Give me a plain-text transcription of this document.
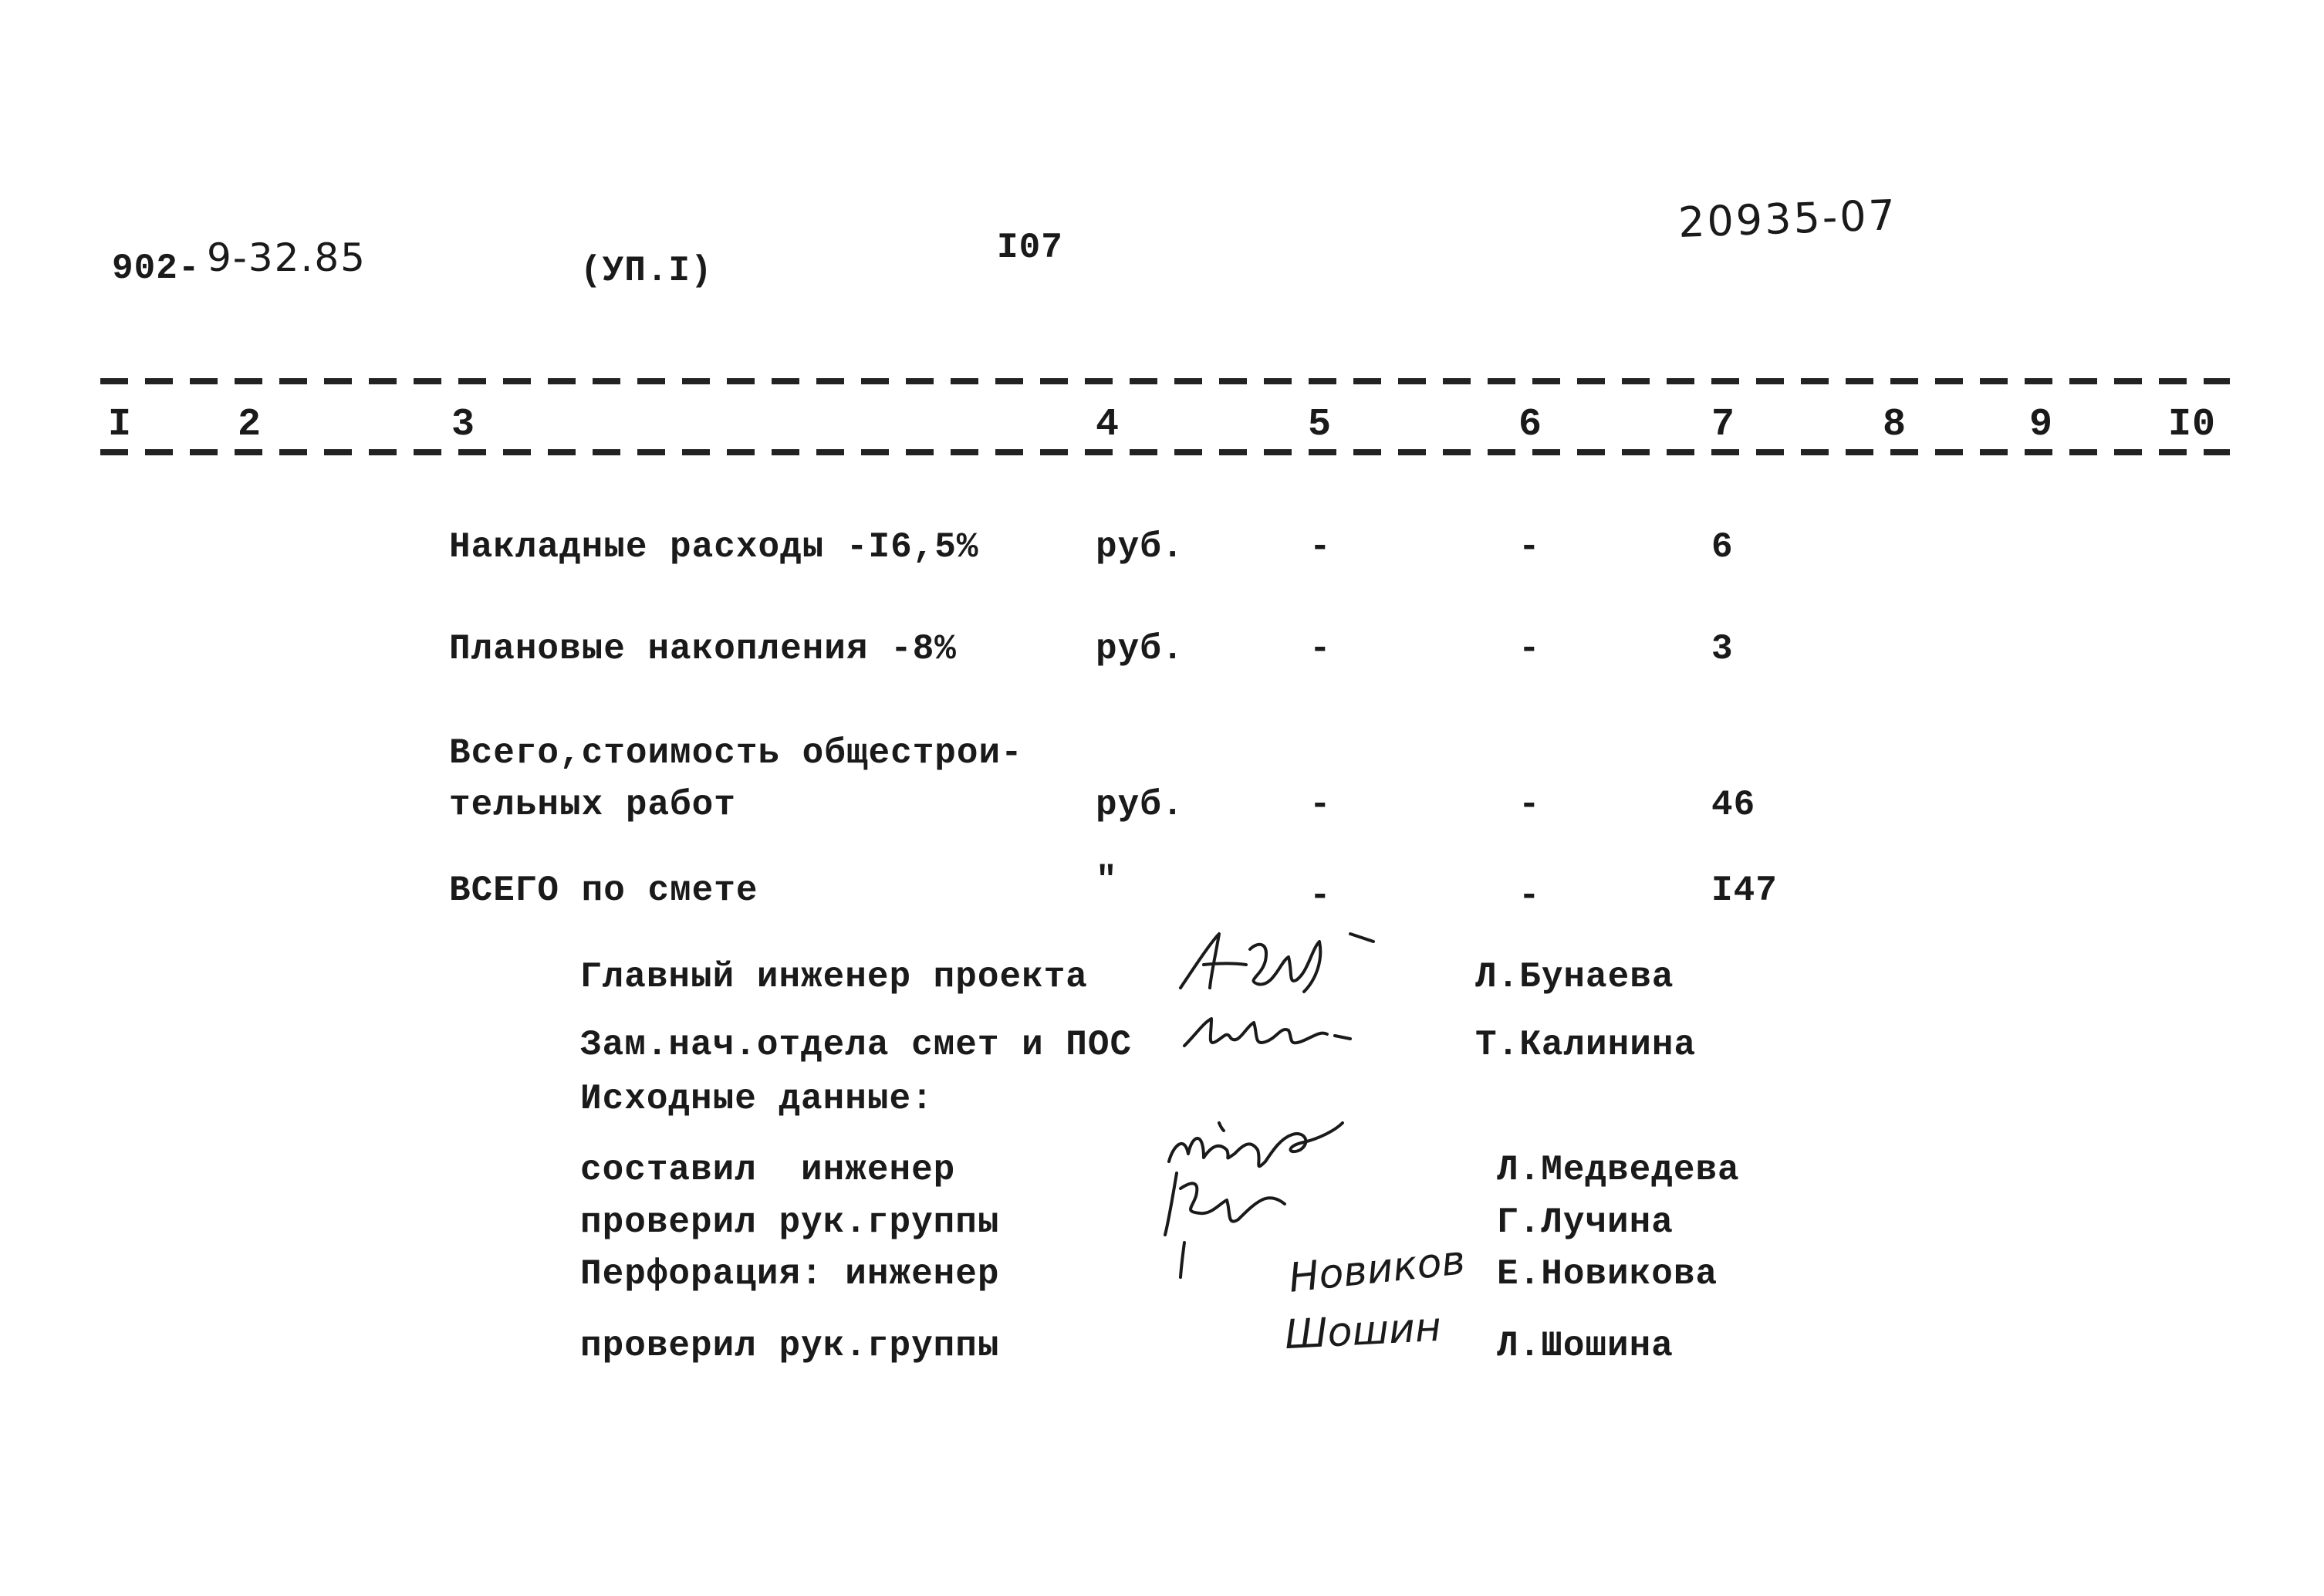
902- 9-32.85	(УП.I)
I07
20935-07
I	2	3	4	5	6	7	8	9	I0
Накладные расходы -I6,5%	руб.	-	-	6
Плановые накопления -8%	руб.	-	-	3
Всего,стоимость общестрои-
тельных работ	руб.	-	-	46
ВСЕГО по смете	"	-	-	I47
Главный инженер проекта	Л.Бунаева
Зам.нач.отдела смет и ПОС	Т.Калинина
Исходные данные:
составил  инженер	Л.Медведева
проверил рук.группы	Г.Лучина
Перфорация: инженер	Е.Новикова
проверил рук.группы	Л.Шошина
Новиков
Шошин
